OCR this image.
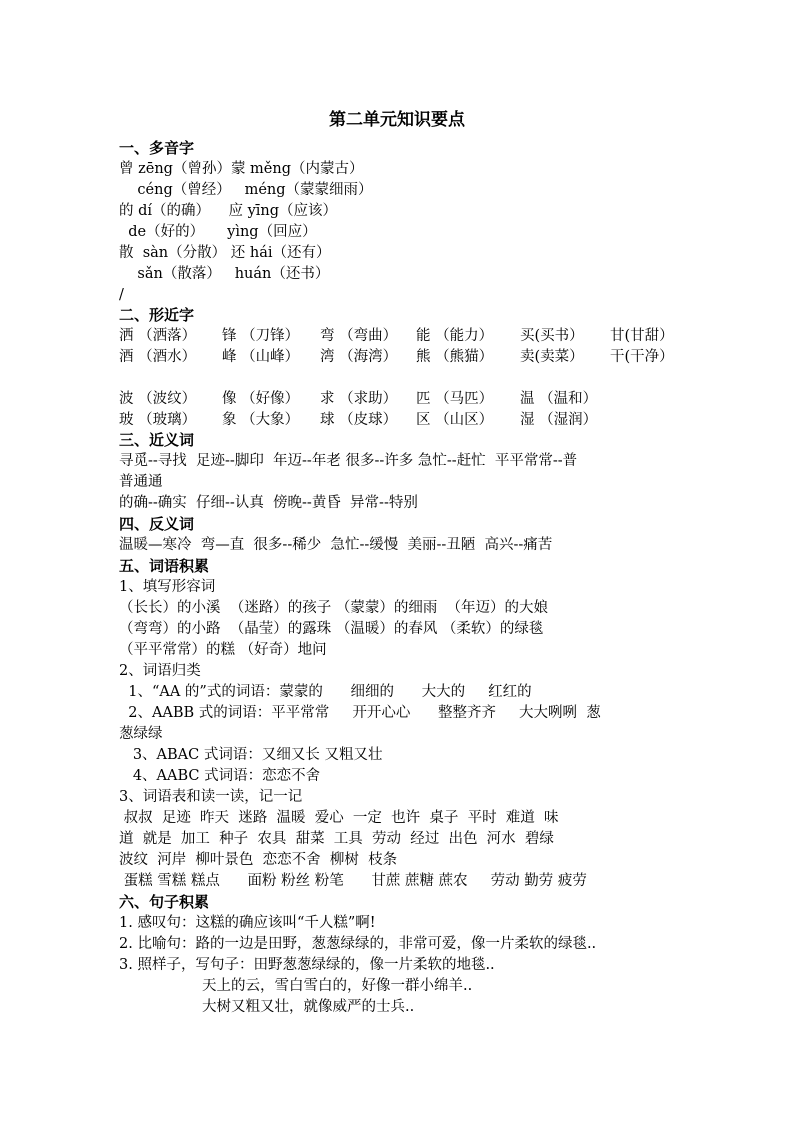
第二单元知识要点
一、多音字
曾 zēng（曾孙）蒙 měng（内蒙古）
céng（曾经）   méng（蒙蒙细雨）
的 dí（的确）    应 yīng（应该）
de（好的）     yìng（回应）
散  sàn（分散） 还 hái（还有）
sǎn（散落）   huán（还书）
/
二、形近字
洒 （洒落） 锋 （刀锋） 弯 （弯曲） 能 （能力） 买(买书） 甘(甘甜）
酒 （酒水） 峰 （山峰） 湾 （海湾） 熊 （熊猫） 卖(卖菜） 干(干净）
波 （波纹） 像 （好像） 求 （求助） 匹 （马匹） 温 （温和）
玻 （玻璃） 象 （大象） 球 （皮球） 区 （山区） 湿 （湿润）
三、近义词
寻觅--寻找  足迹--脚印  年迈--年老 很多--许多 急忙--赶忙  平平常常--普
普通通
的确--确实  仔细--认真  傍晚--黄昏  异常--特别
四、反义词
温暖—寒冷  弯—直  很多--稀少  急忙--缓慢  美丽--丑陋  高兴--痛苦
五、词语积累
1、填写形容词
（长长）的小溪  （迷路）的孩子 （蒙蒙）的细雨  （年迈）的大娘
（弯弯）的小路  （晶莹）的露珠 （温暖）的春风 （柔软）的绿毯
（平平常常）的糕 （好奇）地问
2、词语归类
1、“AA 的”式的词语：蒙蒙的      细细的      大大的     红红的
2、AABB 式的词语：平平常常     开开心心      整整齐齐     大大咧咧  葱
葱绿绿
3、ABAC 式词语：又细又长 又粗又壮
4、AABC 式词语：恋恋不舍
3、词语表和读一读，记一记
叔叔  足迹  昨天  迷路  温暖  爱心  一定  也许  桌子  平时  难道  味
道  就是  加工  种子  农具  甜菜  工具  劳动  经过  出色  河水  碧绿
波纹  河岸  柳叶景色  恋恋不舍  柳树  枝条
蛋糕 雪糕 糕点      面粉 粉丝 粉笔      甘蔗 蔗糖 蔗农     劳动 勤劳 疲劳
六、句子积累
1. 感叹句：这糕的确应该叫“千人糕”啊!
2. 比喻句：路的一边是田野，葱葱绿绿的，非常可爱，像一片柔软的绿毯..
3. 照样子，写句子：田野葱葱绿绿的，像一片柔软的地毯..
天上的云，雪白雪白的，好像一群小绵羊..
大树又粗又壮，就像威严的士兵..
